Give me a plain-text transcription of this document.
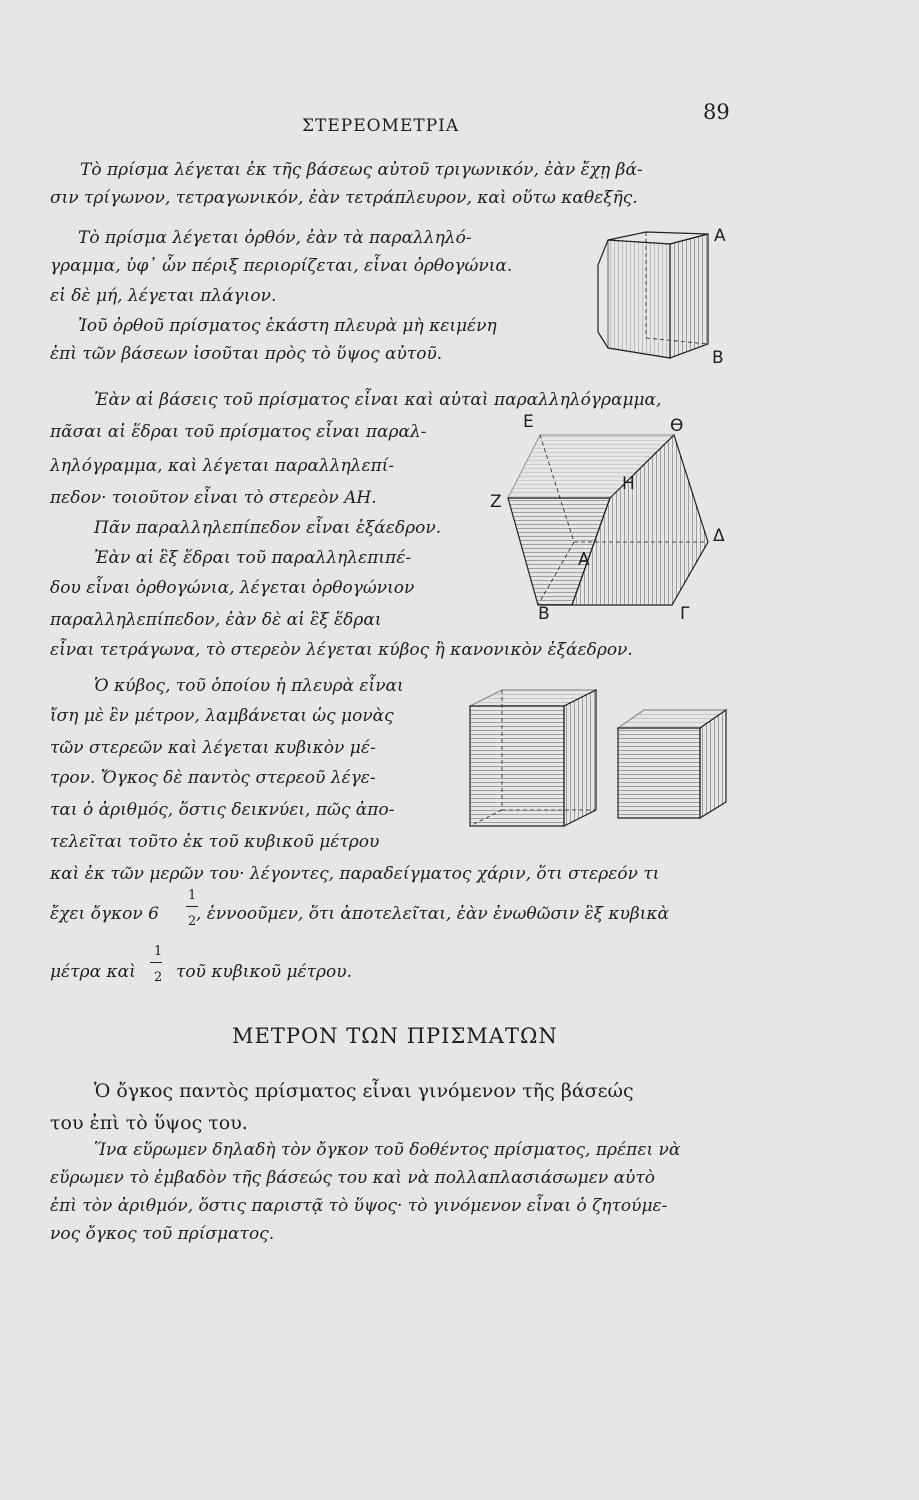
ΣΤΕΡΕΟΜΕΤΡΙΑ
89
Τὸ πρίσμα λέγεται ἐκ τῆς βάσεως αὐτοῦ τριγωνικόν, ἐὰν ἔχῃ βά-
σιν τρίγωνον, τετραγωνικόν, ἐὰν τετράπλευρον, καὶ οὕτω καθεξῆς.
Τὸ πρίσμα λέγεται ὀρθόν, ἐὰν τὰ παραλληλό-
γραμμα, ὑφ᾽ ὧν πέριξ περιορίζεται, εἶναι ὀρθογώνια.
εἰ δὲ μή, λέγεται πλάγιον.
Ἰοῦ ὀρθοῦ πρίσματος ἑκάστη πλευρὰ μὴ κειμένη
ἐπὶ τῶν βάσεων ἰσοῦται πρὸς τὸ ὕψος αὐτοῦ.
A
B
Ἐὰν αἱ βάσεις τοῦ πρίσματος εἶναι καὶ αὐταὶ παραλληλόγραμμα,
πᾶσαι αἱ ἕδραι τοῦ πρίσματος εἶναι παραλ-
ληλόγραμμα, καὶ λέγεται παραλληλεπί-
πεδον· τοιοῦτον εἶναι τὸ στερεὸν ΑΗ.
Πᾶν παραλληλεπίπεδον εἶναι ἑξάεδρον.
Ἐὰν αἱ ἓξ ἕδραι τοῦ παραλληλεπιπέ-
δου εἶναι ὀρθογώνια, λέγεται ὀρθογώνιον
παραλληλεπίπεδον, ἐὰν δὲ αἱ ἓξ ἕδραι
εἶναι τετράγωνα, τὸ στερεὸν λέγεται κύβος ἢ κανονικὸν ἑξάεδρον.
E	ϴ
H
Z
Δ
A
B	Γ
Ὁ κύβος, τοῦ ὁποίου ἡ πλευρὰ εἶναι
ἴση μὲ ἓν μέτρον, λαμβάνεται ὡς μονὰς
τῶν στερεῶν καὶ λέγεται κυβικὸν μέ-
τρον. Ὄγκος δὲ παντὸς στερεοῦ λέγε-
ται ὁ ἀριθμός, ὅστις δεικνύει, πῶς ἀπο-
τελεῖται τοῦτο ἐκ τοῦ κυβικοῦ μέτρου
καὶ ἐκ τῶν μερῶν του· λέγοντες, παραδείγματος χάριν, ὅτι στερεόν τι
ἔχει ὄγκον 6
1
2 , ἐννοοῦμεν, ὅτι ἀποτελεῖται, ἐὰν ἑνωθῶσιν ἓξ κυβικὰ
μέτρα καὶ
1
2 τοῦ κυβικοῦ μέτρου.
ΜΕΤΡΟΝ ΤΩΝ ΠΡΙΣΜΑΤΩΝ
Ὁ ὄγκος παντὸς πρίσματος εἶναι γινόμενον τῆς βάσεώς
του ἐπὶ τὸ ὕψος του.
Ἵνα εὕρωμεν δηλαδὴ τὸν ὄγκον τοῦ δοθέντος πρίσματος, πρέπει νὰ
εὕρωμεν τὸ ἐμβαδὸν τῆς βάσεώς του καὶ νὰ πολλαπλασιάσωμεν αὐτὸ
ἐπὶ τὸν ἀριθμόν, ὅστις παριστᾷ τὸ ὕψος· τὸ γινόμενον εἶναι ὁ ζητούμε-
νος ὄγκος τοῦ πρίσματος.
